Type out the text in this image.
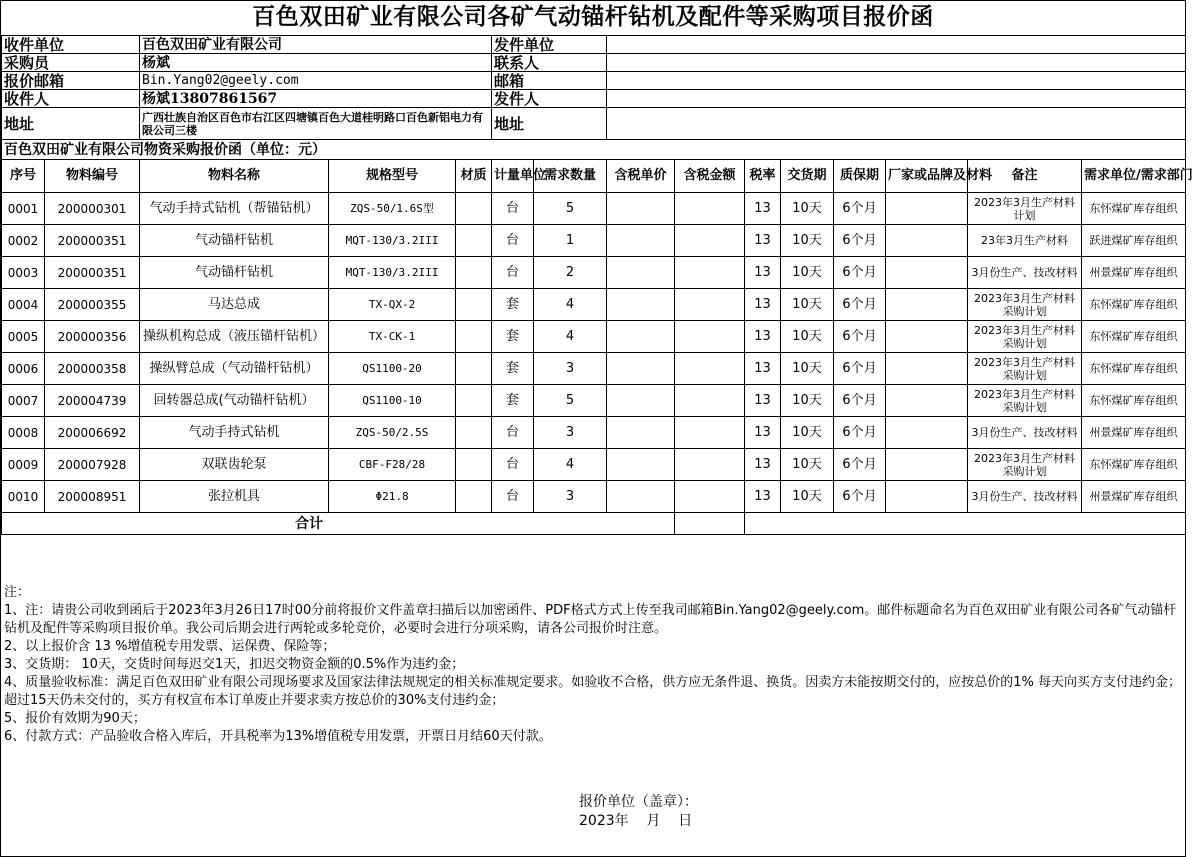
百色双田矿业有限公司各矿气动锚杆钻机及配件等采购项目报价函
收件单位		百色双田矿业有限公司			发件单位									
采购员		杨斌			联系人									
报价邮箱		Bin.Yang02@geely.com			邮箱									
收件人		杨斌13807861567			发件人									
地址		广西壮族自治区百色市右江区四塘镇百色大道桂明路口百色新铝电力有限公司三楼			地址									
百色双田矿业有限公司物资采购报价函（单位：元）														
序号	物料编号	物料名称	规格型号	材质	计量单位	需求数量	含税单价	含税金额	税率	交货期	质保期	厂家或品牌及材料	备注	需求单位/需求部门
0001	200000301	气动手持式钻机（帮锚钻机）	ZQS-50/1.6S型		台	5			13	10天	6个月		2023年3月生产材料计划	东怀煤矿库存组织
0002	200000351	气动锚杆钻机	MQT-130/3.2III		台	1			13	10天	6个月		23年3月生产材料	跃进煤矿库存组织
0003	200000351	气动锚杆钻机	MQT-130/3.2III		台	2			13	10天	6个月		3月份生产、技改材料	州景煤矿库存组织
0004	200000355	马达总成	TX-QX-2		套	4			13	10天	6个月		2023年3月生产材料采购计划	东怀煤矿库存组织
0005	200000356	操纵机构总成（液压锚杆钻机）	TX-CK-1		套	4			13	10天	6个月		2023年3月生产材料采购计划	东怀煤矿库存组织
0006	200000358	操纵臂总成（气动锚杆钻机）	QS1100-20		套	3			13	10天	6个月		2023年3月生产材料采购计划	东怀煤矿库存组织
0007	200004739	回转器总成(气动锚杆钻机）	QS1100-10		套	5			13	10天	6个月		2023年3月生产材料采购计划	东怀煤矿库存组织
0008	200006692	气动手持式钻机	ZQS-50/2.5S		台	3			13	10天	6个月		3月份生产、技改材料	州景煤矿库存组织
0009	200007928	双联齿轮泵	CBF-F28/28		台	4			13	10天	6个月		2023年3月生产材料采购计划	东怀煤矿库存组织
0010	200008951	张拉机具	Φ21.8		台	3			13	10天	6个月		3月份生产、技改材料	州景煤矿库存组织
合计														
注：
1、注：请贵公司收到函后于2023年3月26日17时00分前将报价文件盖章扫描后以加密函件、PDF格式方式上传至我司邮箱Bin.Yang02@geely.com。邮件标题命名为百色双田矿业有限公司各矿气动锚杆钻机及配件等采购项目报价单。我公司后期会进行两轮或多轮竞价，必要时会进行分项采购，请各公司报价时注意。
2、以上报价含 13 %增值税专用发票、运保费、保险等；
3、交货期： 10天，交货时间每迟交1天，扣迟交物资金额的0.5%作为违约金；
4、质量验收标准：满足百色双田矿业有限公司现场要求及国家法律法规规定的相关标准规定要求。如验收不合格，供方应无条件退、换货。因卖方未能按期交付的，应按总价的1% 每天向买方支付违约金；超过15天仍未交付的，买方有权宣布本订单废止并要求卖方按总价的30%支付违约金；
5、报价有效期为90天；
6、付款方式：产品验收合格入库后，开具税率为13%增值税专用发票，开票日月结60天付款。
报价单位（盖章）：
2023年    月    日
